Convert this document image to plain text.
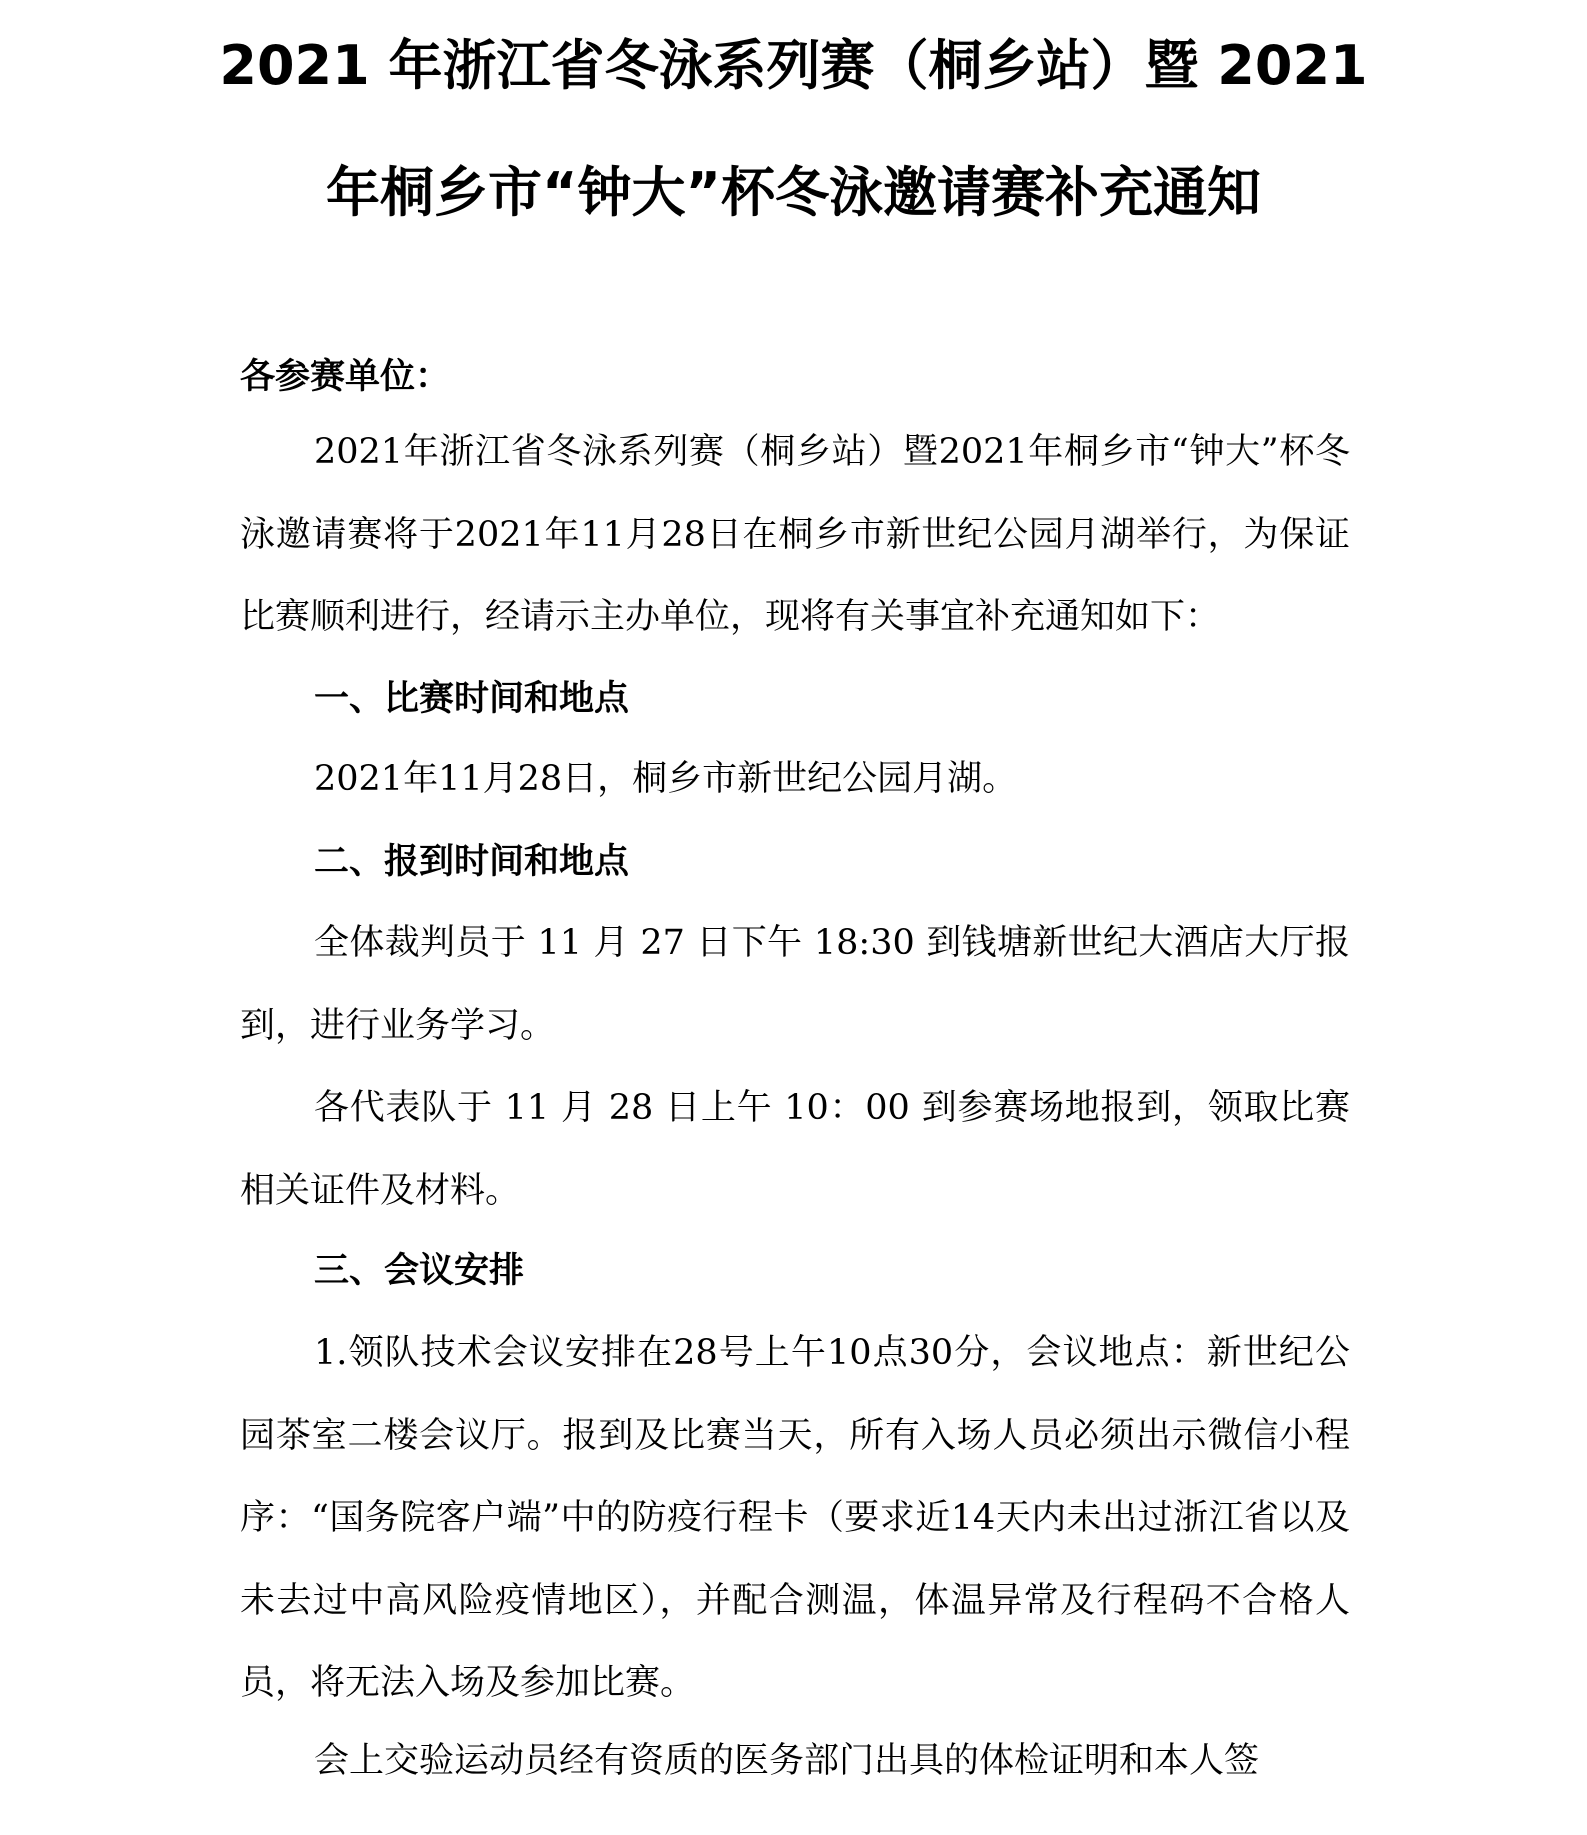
2021 年浙江省冬泳系列赛（桐乡站）暨 2021
年桐乡市“钟大”杯冬泳邀请赛补充通知

各参赛单位：

2021年浙江省冬泳系列赛（桐乡站）暨2021年桐乡市“钟大”杯冬泳邀请赛将于2021年11月28日在桐乡市新世纪公园月湖举行，为保证比赛顺利进行，经请示主办单位，现将有关事宜补充通知如下：

一、比赛时间和地点

2021年11月28日，桐乡市新世纪公园月湖。

二、报到时间和地点

全体裁判员于 11 月 27 日下午 18:30 到钱塘新世纪大酒店大厅报到，进行业务学习。

各代表队于 11 月 28 日上午 10：00 到参赛场地报到，领取比赛相关证件及材料。

三、会议安排

1.领队技术会议安排在28号上午10点30分，会议地点：新世纪公园茶室二楼会议厅。报到及比赛当天，所有入场人员必须出示微信小程序：“国务院客户端”中的防疫行程卡（要求近14天内未出过浙江省以及未去过中高风险疫情地区），并配合测温，体温异常及行程码不合格人员，将无法入场及参加比赛。

会上交验运动员经有资质的医务部门出具的体检证明和本人签
